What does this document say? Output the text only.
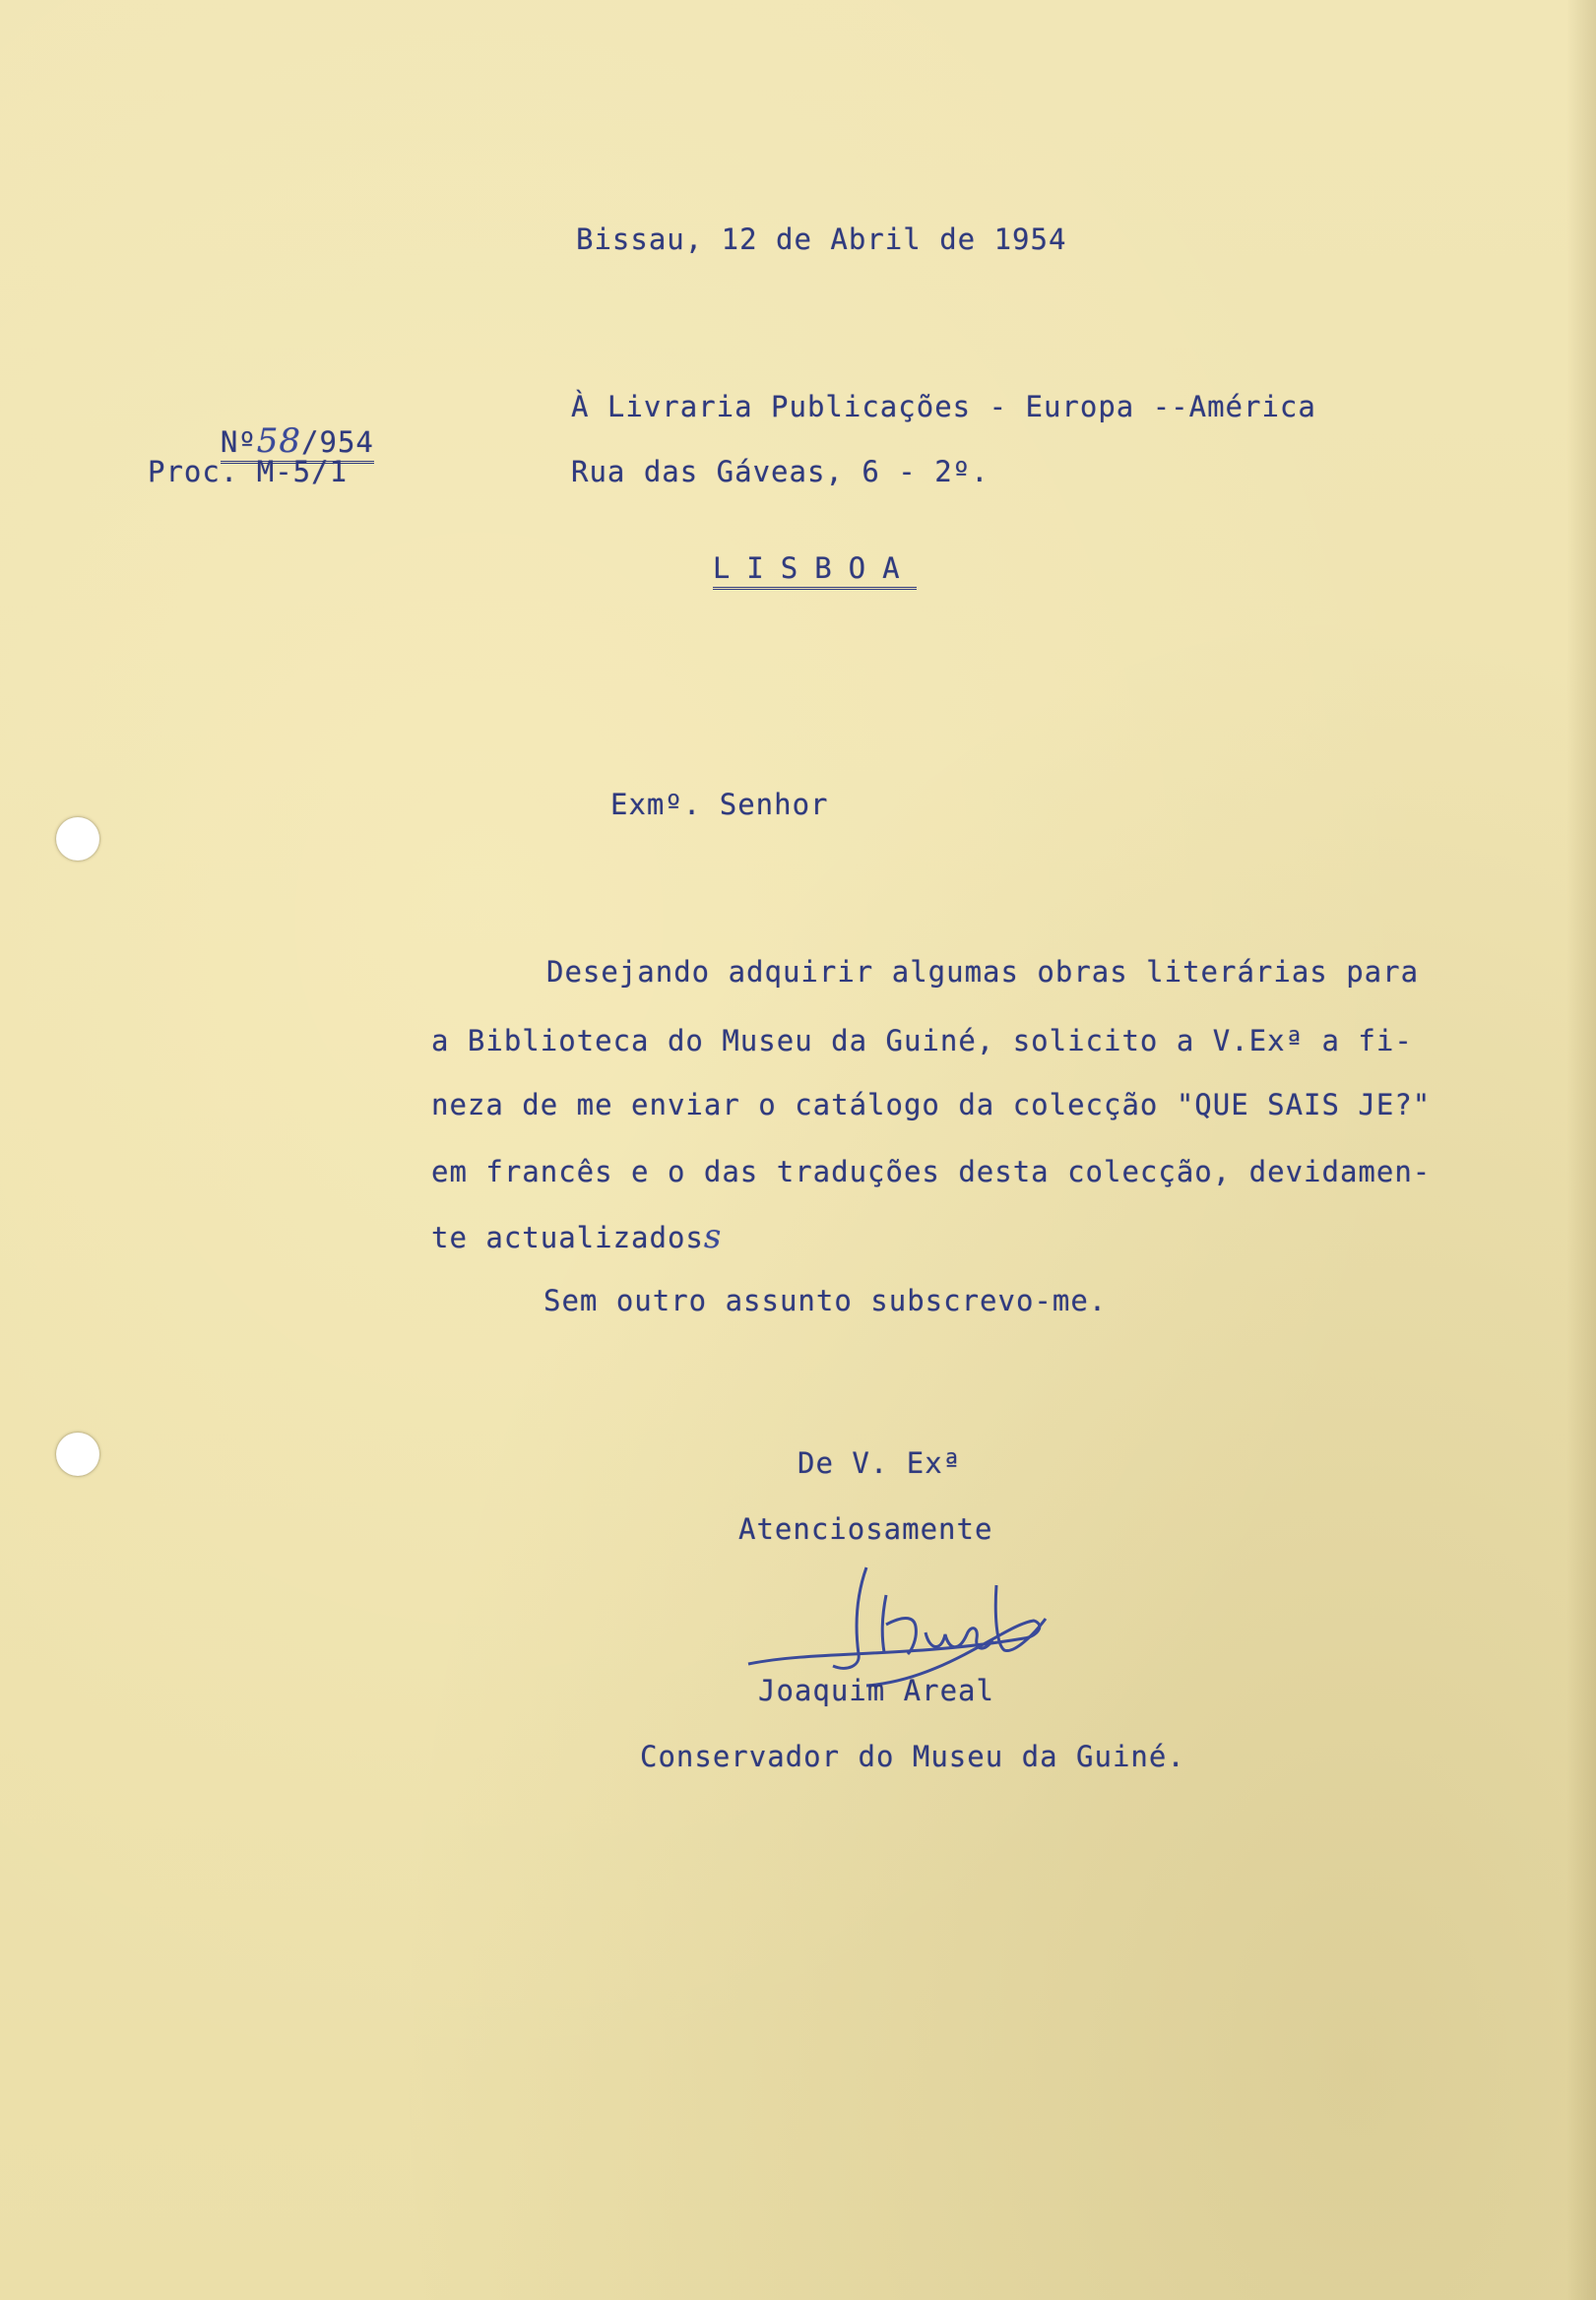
Bissau, 12 de Abril de 1954

Nº58/954

Proc. M-5/1

À Livraria Publicações - Europa --América

Rua das Gáveas, 6 - 2º.

LISBOA

Exmº. Senhor

Desejando adquirir algumas obras literárias para

a Biblioteca do Museu da Guiné, solicito a V.Exª a fi-

neza de me enviar o catálogo da colecção "QUE SAIS JE?"

em francês e o das traduções desta colecção, devidamen-

te actualizadoss

Sem outro assunto subscrevo-me.

De V. Exª

Atenciosamente

Joaquim Areal

Conservador do Museu da Guiné.
